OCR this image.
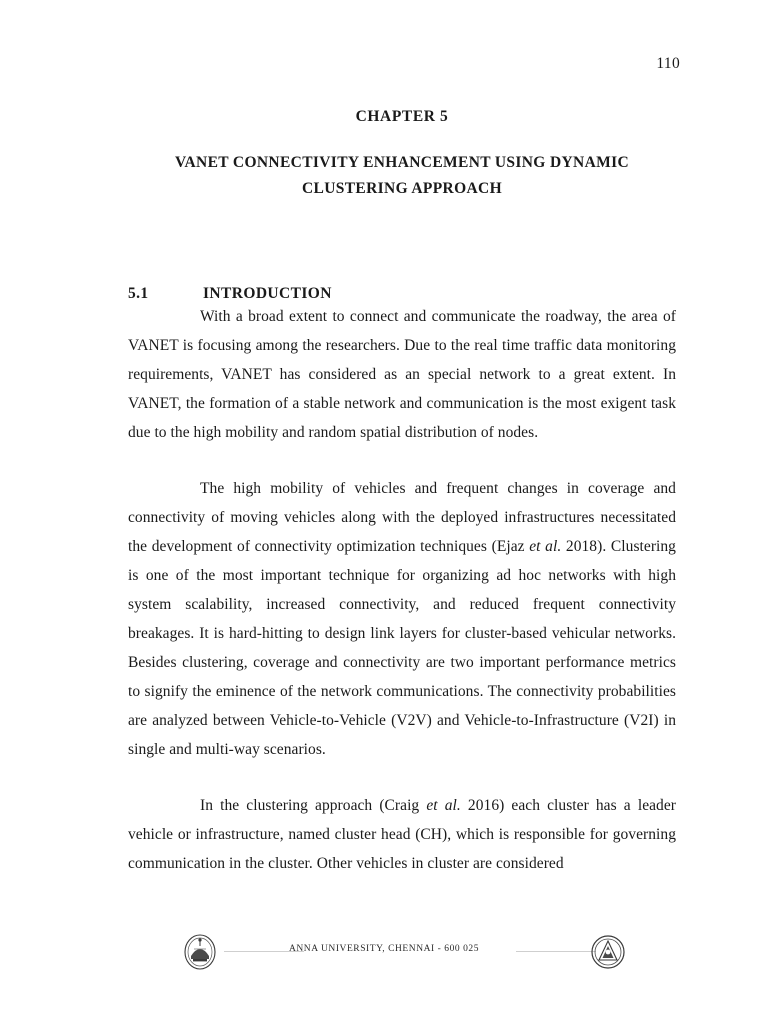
110
CHAPTER 5
VANET CONNECTIVITY ENHANCEMENT USING DYNAMIC
CLUSTERING APPROACH
5.1	INTRODUCTION

With a broad extent to connect and communicate the roadway, the area of VANET is focusing among the researchers. Due to the real time traffic data monitoring requirements, VANET has considered as an special network to a great extent. In VANET, the formation of a stable network and communication is the most exigent task due to the high mobility and random spatial distribution of nodes.

The high mobility of vehicles and frequent changes in coverage and connectivity of moving vehicles along with the deployed infrastructures necessitated the development of connectivity optimization techniques (Ejaz et al. 2018). Clustering is one of the most important technique for organizing ad hoc networks with high system scalability, increased connectivity, and reduced frequent connectivity breakages. It is hard-hitting to design link layers for cluster-based vehicular networks. Besides clustering, coverage and connectivity are two important performance metrics to signify the eminence of the network communications. The connectivity probabilities are analyzed between Vehicle-to-Vehicle (V2V) and Vehicle-to-Infrastructure (V2I) in single and multi-way scenarios.

In the clustering approach (Craig et al. 2016) each cluster has a leader vehicle or infrastructure, named cluster head (CH), which is responsible for governing communication in the cluster. Other vehicles in cluster are considered

ANNA UNIVERSITY, CHENNAI - 600 025
